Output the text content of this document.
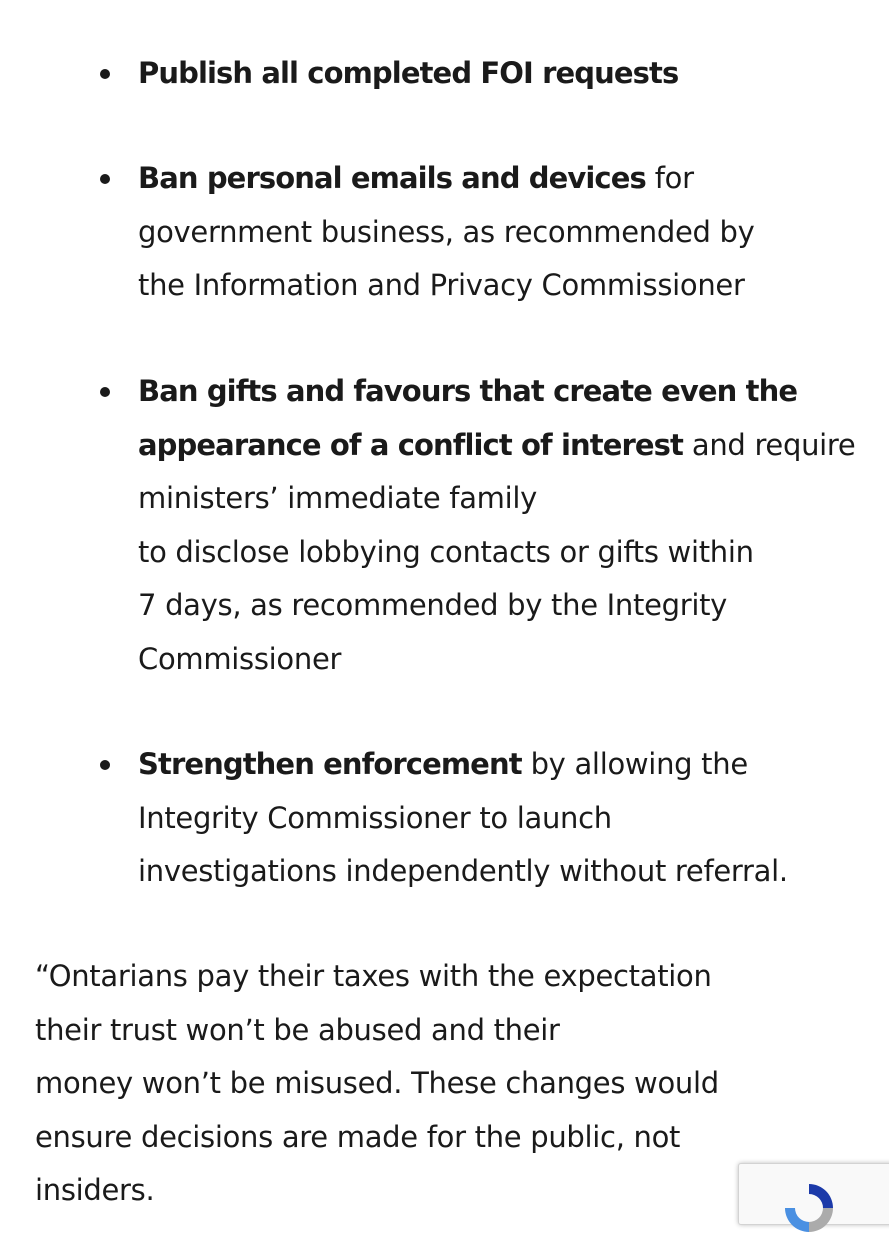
Publish all completed FOI requests
Ban personal emails and devices for
government business, as recommended by
the Information and Privacy Commissioner
Ban gifts and favours that create even the
appearance of a conflict of interest and require
ministers’ immediate family
to disclose lobbying contacts or gifts within
7 days, as recommended by the Integrity
Commissioner
Strengthen enforcement by allowing the
Integrity Commissioner to launch
investigations independently without referral.

“Ontarians pay their taxes with the expectation
their trust won’t be abused and their
money won’t be misused. These changes would
ensure decisions are made for the public, not
insiders.
